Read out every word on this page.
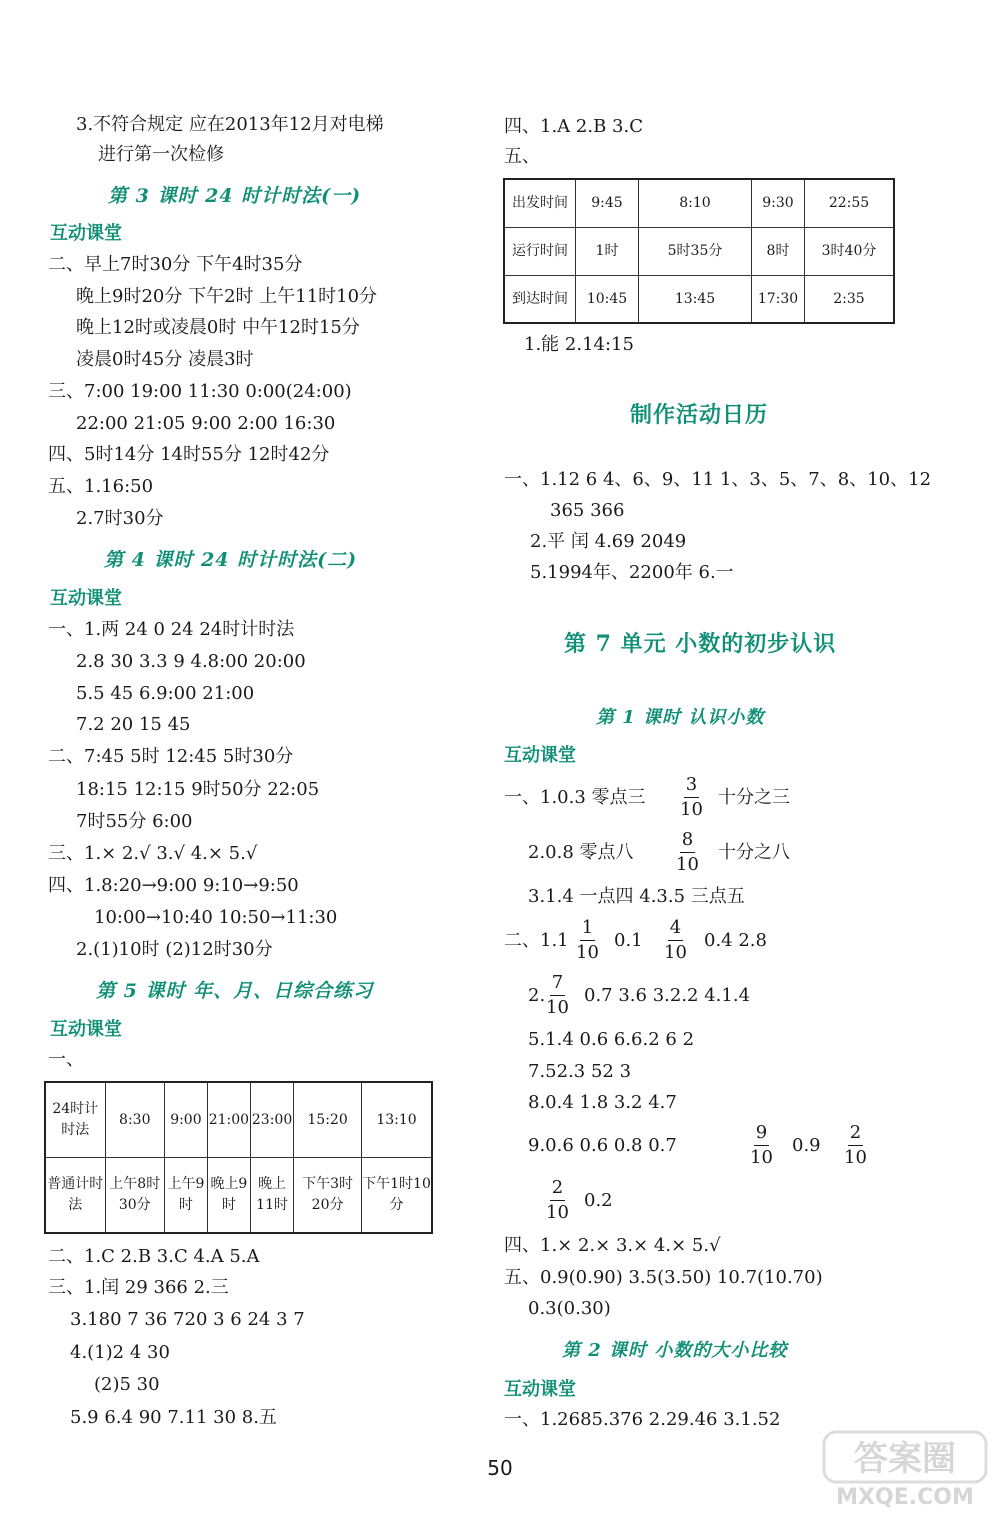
3.不符合规定 应在2013年12月对电梯
进行第一次检修
第 3 课时 24 时计时法(一)
互动课堂
二、早上7时30分 下午4时35分
晚上9时20分 下午2时 上午11时10分
晚上12时或凌晨0时 中午12时15分
凌晨0时45分 凌晨3时
三、7:00 19:00 11:30 0:00(24:00)
22:00 21:05 9:00 2:00 16:30
四、5时14分 14时55分 12时42分
五、1.16:50
2.7时30分
第 4 课时 24 时计时法(二)
互动课堂
一、1.两 24 0 24 24时计时法
2.8 30 3.3 9 4.8:00 20:00
5.5 45 6.9:00 21:00
7.2 20 15 45
二、7:45 5时 12:45 5时30分
18:15 12:15 9时50分 22:05
7时55分 6:00
三、1.× 2.√ 3.√ 4.× 5.√
四、1.8:20→9:00 9:10→9:50
10:00→10:40 10:50→11:30
2.(1)10时 (2)12时30分
第 5 课时 年、月、日综合练习
互动课堂
一、
24时计时法	8:30	9:00	21:00	23:00	15:20	13:10
普通计时法	上午8时30分	上午9时	晚上9时	晚上11时	下午3时20分	下午1时10分
二、1.C 2.B 3.C 4.A 5.A
三、1.闰 29 366 2.三
3.180 7 36 720 3 6 24 3 7
4.(1)2 4 30
(2)5 30
5.9 6.4 90 7.11 30 8.五
四、1.A 2.B 3.C
五、
出发时间	9:45	8:10	9:30	22:55
运行时间	1时	5时35分	8时	3时40分
到达时间	10:45	13:45	17:30	2:35
1.能 2.14:15
制作活动日历
一、1.12 6 4、6、9、11 1、3、5、7、8、10、12
365 366
2.平 闰 4.69 2049
5.1994年、2200年 6.一
第 7 单元 小数的初步认识
第 1 课时 认识小数
互动课堂
一、1.0.3 零点三 $\frac{3}{10}$ 十分之三
2.0.8 零点八 $\frac{8}{10}$ 十分之八
3.1.4 一点四 4.3.5 三点五
二、$1.1 \frac{1}{10} 0.1 \frac{4}{10} 0.4$ 2.8
2. $\frac{7}{10} 0.7$ 3.6 3.2.2 4.1.4
5.1.4 0.6 6.6.2 6 2
7.52.3 52 3
8.0.4 1.8 3.2 4.7
9.0.6 0.6 0.8 0.7	$\frac{9}{10} 0.9 \frac{2}{10}$
$\frac{2}{10} 0.2$
四、1.× 2.× 3.× 4.× 5.√
五、0.9(0.90) 3.5(3.50) 10.7(10.70)
0.3(0.30)
第 2 课时 小数的大小比较
互动课堂
一、1.2685.376 2.29.46 3.1.52
50	答案圈
MXQE.COM
